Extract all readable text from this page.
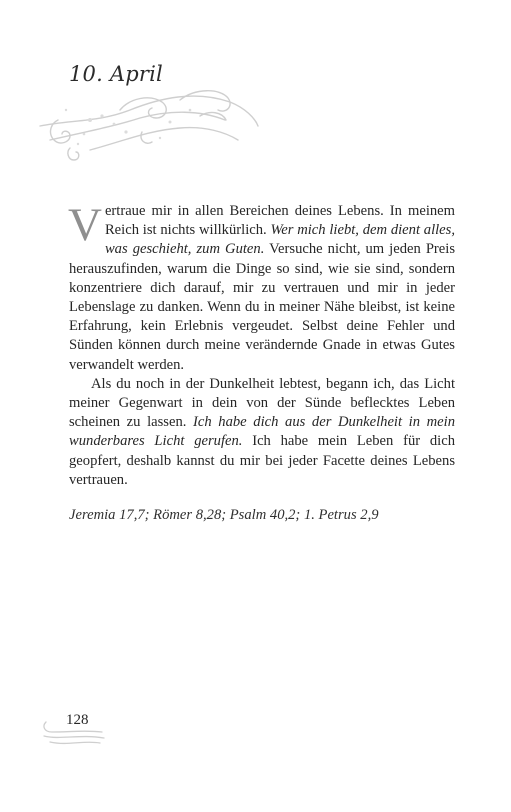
10. April

Vertraue mir in allen Bereichen deines Lebens. In meinem Reich ist nichts willkürlich. Wer mich liebt, dem dient alles, was geschieht, zum Guten. Versuche nicht, um jeden Preis herauszufinden, warum die Dinge so sind, wie sie sind, sondern konzentriere dich darauf, mir zu vertrauen und mir in jeder Lebenslage zu danken. Wenn du in meiner Nähe bleibst, ist keine Erfahrung, kein Erlebnis vergeudet. Selbst deine Fehler und Sünden können durch meine verändernde Gnade in etwas Gutes verwandelt werden.

Als du noch in der Dunkelheit lebtest, begann ich, das Licht meiner Gegenwart in dein von der Sünde beflecktes Leben scheinen zu lassen. Ich habe dich aus der Dunkelheit in mein wunderbares Licht gerufen. Ich habe mein Leben für dich geopfert, deshalb kannst du mir bei jeder Facette deines Lebens vertrauen.

Jeremia 17,7; Römer 8,28; Psalm 40,2; 1. Petrus 2,9
128
